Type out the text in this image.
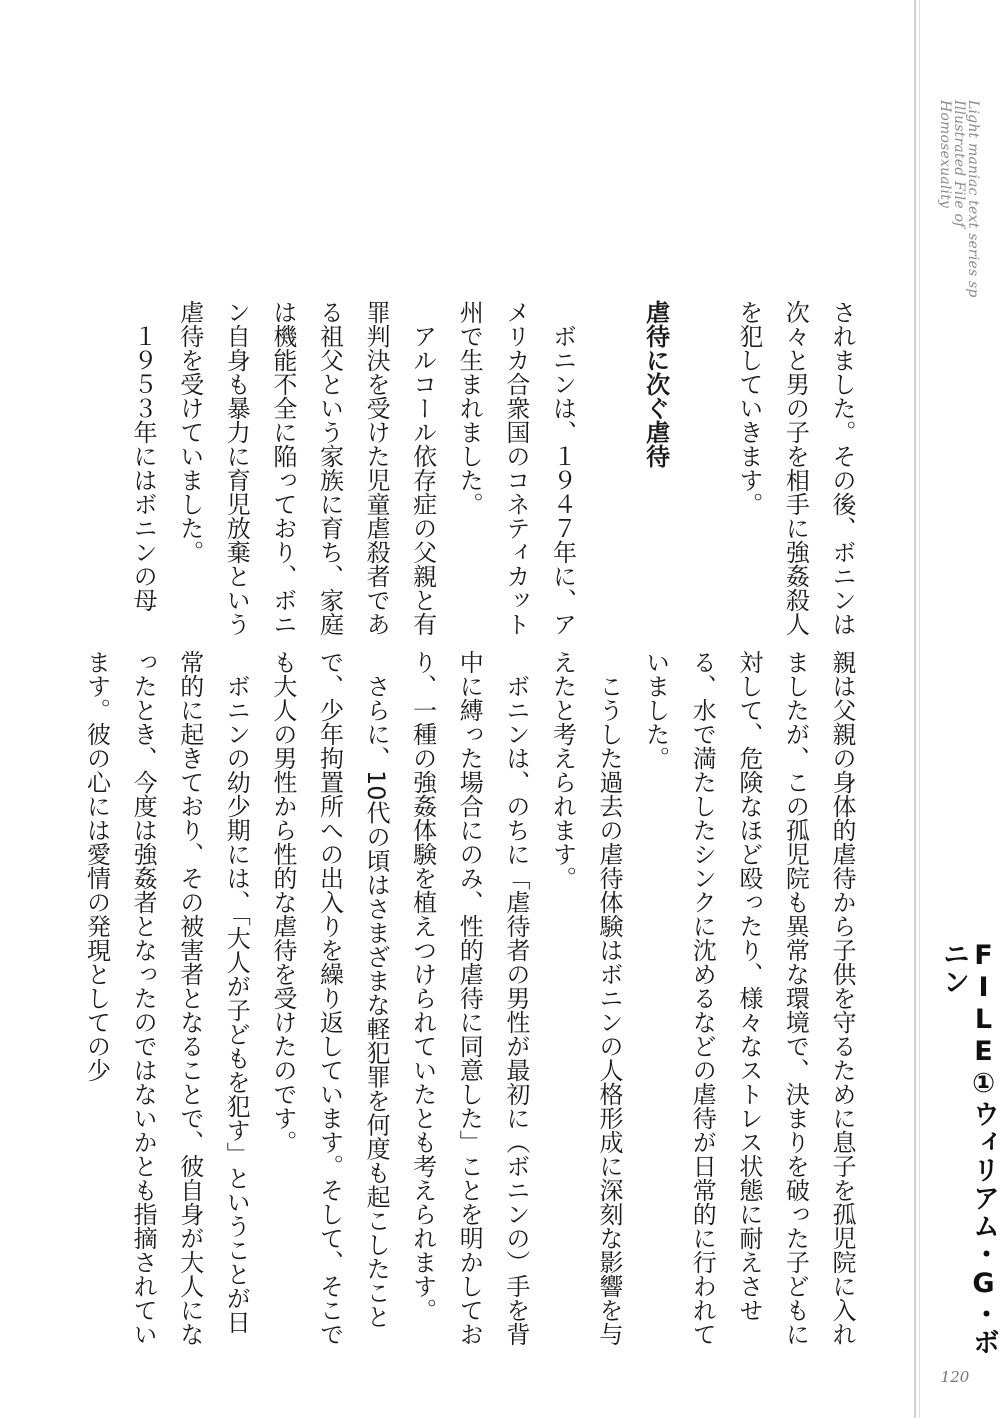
Light maniac text series sp
Illustrated File of Homosexuality
FILE①ウィリアム・G・ボニン
120

されました。その後、ボニンは次々と男の子を相手に強姦殺人を犯していきます。

虐待に次ぐ虐待

ボニンは、１９４７年に、アメリカ合衆国のコネティカット州で生まれました。

アルコール依存症の父親と有罪判決を受けた児童虐殺者である祖父という家族に育ち、家庭は機能不全に陥っており、ボニン自身も暴力に育児放棄という虐待を受けていました。

１９５３年にはボニンの母

親は父親の身体的虐待から子供を守るために息子を孤児院に入れましたが、この孤児院も異常な環境で、決まりを破った子どもに対して、危険なほど殴ったり、様々なストレス状態に耐えさせる、水で満たしたシンクに沈めるなどの虐待が日常的に行われていました。

こうした過去の虐待体験はボニンの人格形成に深刻な影響を与えたと考えられます。

ボニンは、のちに「虐待者の男性が最初に（ボニンの）手を背中に縛った場合にのみ、性的虐待に同意した」ことを明かしており、一種の強姦体験を植えつけられていたとも考えられます。

さらに、10代の頃はさまざまな軽犯罪を何度も起こしたことで、少年拘置所への出入りを繰り返しています。そして、そこでも大人の男性から性的な虐待を受けたのです。

ボニンの幼少期には、「大人が子どもを犯す」ということが日常的に起きており、その被害者となることで、彼自身が大人になったとき、今度は強姦者となったのではないかとも指摘されています。彼の心には愛情の発現としての少
